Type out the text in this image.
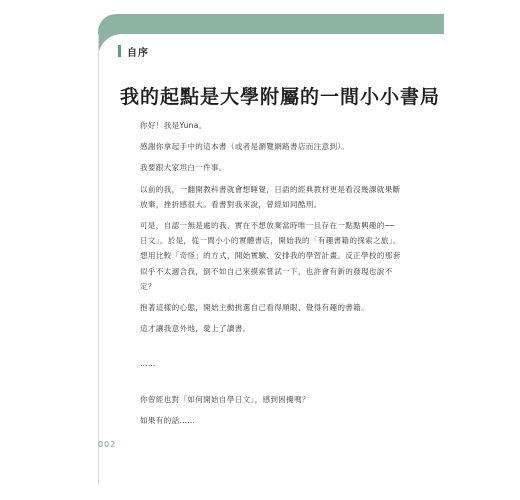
自序
我的起點是大學附屬的一間小小書局

你好！我是Yuna。

感謝你拿起手中的這本書（或者是瀏覽網路書店而注意到）。

我要跟大家坦白一件事。

以前的我，一翻開教科書就會想睡覺，日語的經典教材更是看沒幾課就果斷放棄，挫折感很大。看書對我來說，曾經如同酷刑。

可是，自認一無是處的我，實在不想放棄當時唯一且存在一點點興趣的──日文」。於是，從一間小小的實體書店，開始我的「有趣書籍的探索之旅」。想用比較「奇怪」的方式，開始實驗、安排我的學習計畫。反正學校的那套似乎不太適合我，倒不如自己來摸索嘗試一下，也許會有新的發現也說不定？

抱著這樣的心態，開始主動挑選自己看得順眼、覺得有趣的書籍。

這才讓我意外地，愛上了讀書。

……

你曾經也對「如何開始自學日文」，感到困擾嗎？

如果有的話……

002
